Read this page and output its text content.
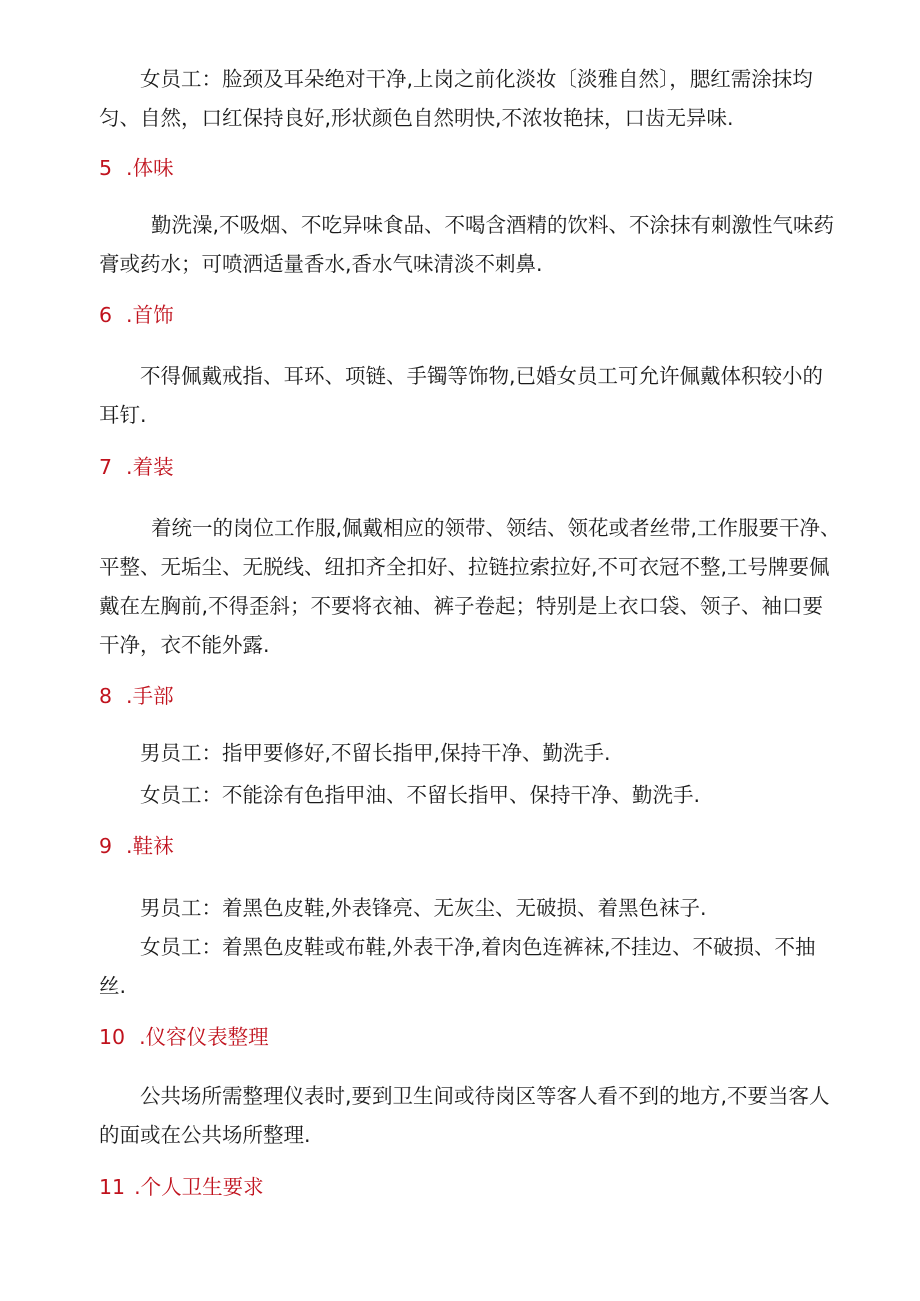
女员工：脸颈及耳朵绝对干净,上岗之前化淡妆〔淡雅自然〕，腮红需涂抹均匀、自然，口红保持良好,形状颜色自然明快,不浓妆艳抹，口齿无异味.

5 .体味

勤洗澡,不吸烟、不吃异味食品、不喝含酒精的饮料、不涂抹有刺激性气味药膏或药水；可喷洒适量香水,香水气味清淡不刺鼻.

6 .首饰

不得佩戴戒指、耳环、项链、手镯等饰物,已婚女员工可允许佩戴体积较小的耳钉.

7 .着装

着统一的岗位工作服,佩戴相应的领带、领结、领花或者丝带,工作服要干净、平整、无垢尘、无脱线、纽扣齐全扣好、拉链拉索拉好,不可衣冠不整,工号牌要佩戴在左胸前,不得歪斜；不要将衣袖、裤子卷起；特别是上衣口袋、领子、袖口要干净，衣不能外露.

8 .手部

男员工：指甲要修好,不留长指甲,保持干净、勤洗手.

女员工：不能涂有色指甲油、不留长指甲、保持干净、勤洗手.

9 .鞋袜

男员工：着黑色皮鞋,外表锋亮、无灰尘、无破损、着黑色袜子.

女员工：着黑色皮鞋或布鞋,外表干净,着肉色连裤袜,不挂边、不破损、不抽丝.

10 .仪容仪表整理

公共场所需整理仪表时,要到卫生间或待岗区等客人看不到的地方,不要当客人的面或在公共场所整理.

11 .个人卫生要求
